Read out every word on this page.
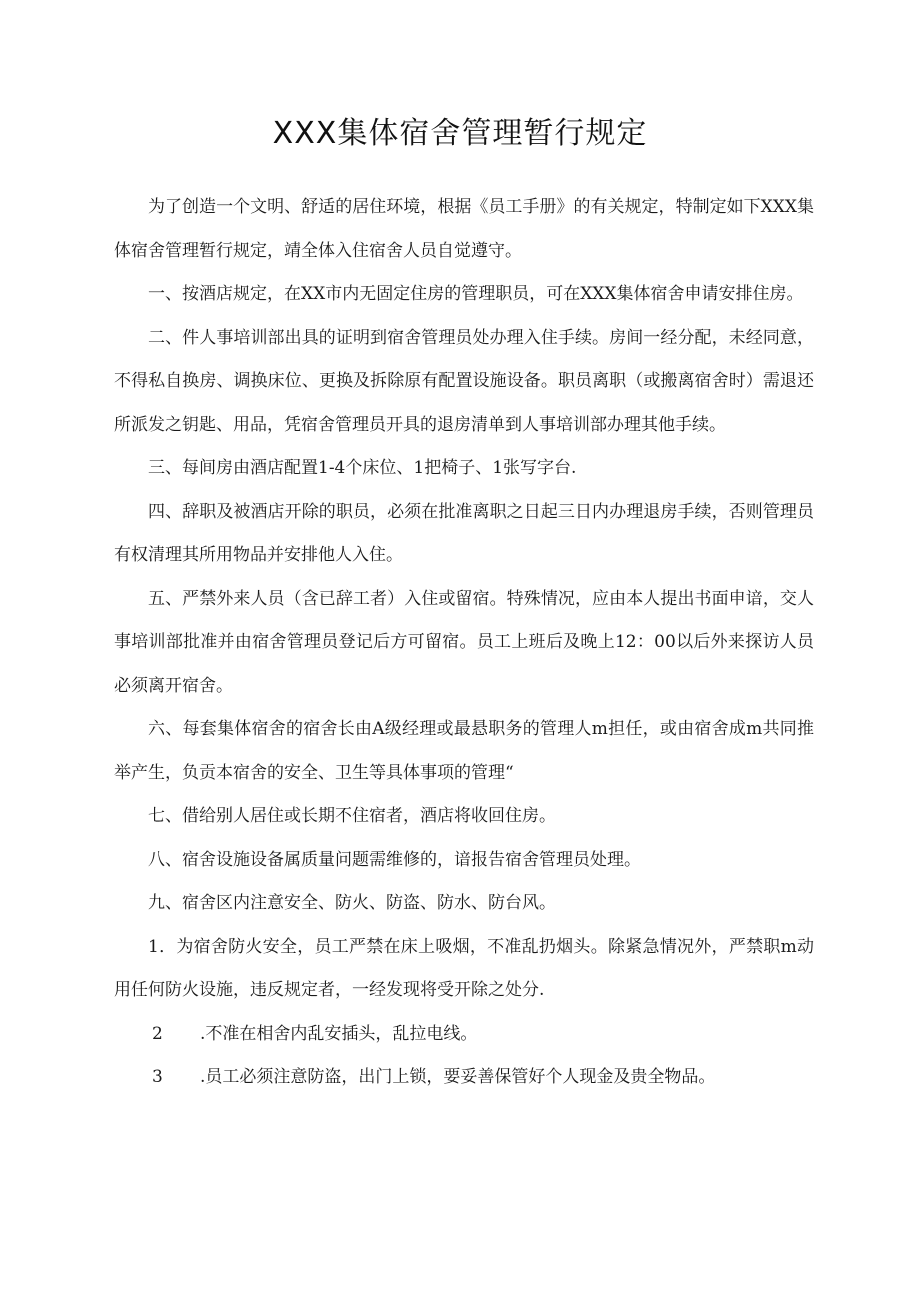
XXX集体宿舍管理暂行规定

为了创造一个文明、舒适的居住环境，根据《员工手册》的有关规定，特制定如下XXX集体宿舍管理暂行规定，靖全体入住宿舍人员自觉遵守。

一、按酒店规定，在XX市内无固定住房的管理职员，可在XXX集体宿舍申请安排住房。

二、件人事培训部出具的证明到宿舍管理员处办理入住手续。房间一经分配，未经同意，不得私自换房、调换床位、更换及拆除原有配置设施设备。职员离职（或搬离宿舍时）需退还所派发之钥匙、用品，凭宿舍管理员开具的退房清单到人事培训部办理其他手续。

三、每间房由酒店配置1-4个床位、1把椅子、1张写字台.

四、辞职及被酒店开除的职员，必须在批准离职之日起三日内办理退房手续，否则管理员有权清理其所用物品并安排他人入住。

五、严禁外来人员（含已辞工者）入住或留宿。特殊情况，应由本人提出书面申谙，交人事培训部批准并由宿舍管理员登记后方可留宿。员工上班后及晚上12：00以后外来探访人员必须离开宿舍。

六、每套集体宿舍的宿舍长由A级经理或最悬职务的管理人m担任，或由宿舍成m共同推举产生，负贡本宿舍的安全、卫生等具体事项的管理“

七、借给别人居住或长期不住宿者，酒店将收回住房。

八、宿舍设施设备属质量问题需维修的，谙报告宿舍管理员处理。

九、宿舍区内注意安全、防火、防盗、防水、防台风。

1．为宿舍防火安全，员工严禁在床上吸烟，不准乱扔烟头。除紧急情况外，严禁职m动用任何防火设施，违反规定者，一经发现将受开除之处分.

2 .不准在相舍内乱安插头，乱拉电线。
3 .员工必须注意防盗，出门上锁，要妥善保管好个人现金及贵全物品。
